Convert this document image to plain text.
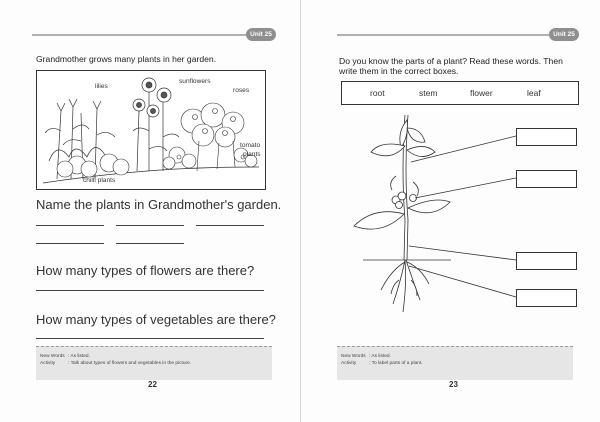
Unit 25
Grandmother grows many plants in her garden.
lilies
sunflowers
roses
tomato
plants
chilli plants
Name the plants in Grandmother's garden.
How many types of flowers are there?
How many types of vegetables are there?
New Words : As listed.
Activity	: Talk about types of flowers and vegetables in the picture.
22
Unit 25
Do you know the parts of a plant? Read these words. Then
write them in the correct boxes.
root	stem	flower	leaf
New Words : As listed.
Activity	: To label parts of a plant.
23
